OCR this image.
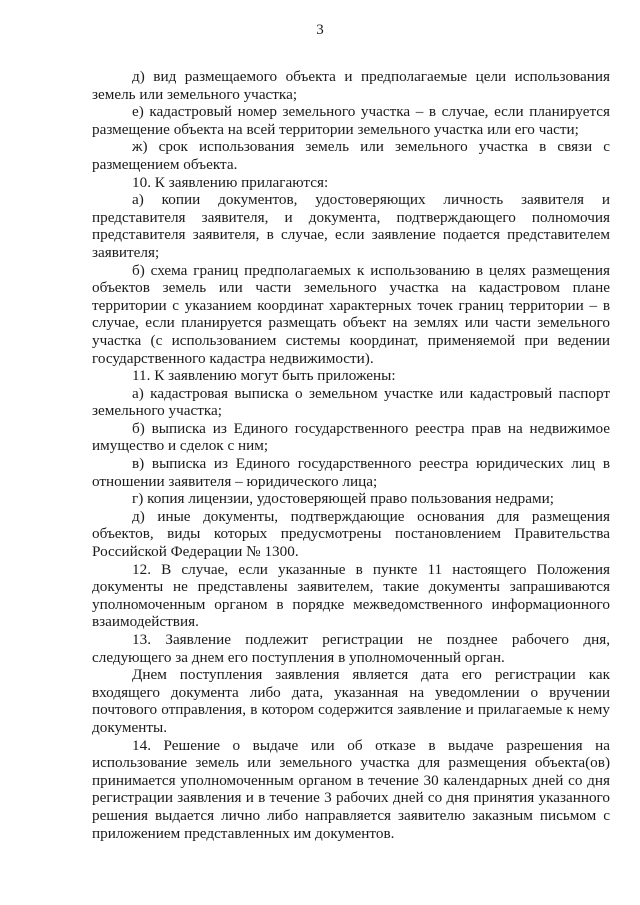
3

д) вид размещаемого объекта и предполагаемые цели использования земель или земельного участка;

е) кадастровый номер земельного участка – в случае, если планируется размещение объекта на всей территории земельного участка или его части;

ж) срок использования земель или земельного участка в связи с размещением объекта.

10. К заявлению прилагаются:

а) копии документов, удостоверяющих личность заявителя и представителя заявителя, и документа, подтверждающего полномочия представителя заявителя, в случае, если заявление подается представителем заявителя;

б) схема границ предполагаемых к использованию в целях размещения объектов земель или части земельного участка на кадастровом плане территории с указанием координат характерных точек границ территории – в случае, если планируется размещать объект на землях или части земельного участка (с использованием системы координат, применяемой при ведении государственного кадастра недвижимости).

11. К заявлению могут быть приложены:

а) кадастровая выписка о земельном участке или кадастровый паспорт земельного участка;

б) выписка из Единого государственного реестра прав на недвижимое имущество и сделок с ним;

в) выписка из Единого государственного реестра юридических лиц в отношении заявителя – юридического лица;

г) копия лицензии, удостоверяющей право пользования недрами;

д) иные документы, подтверждающие основания для размещения объектов, виды которых предусмотрены постановлением Правительства Российской Федерации № 1300.

12. В случае, если указанные в пункте 11 настоящего Положения документы не представлены заявителем, такие документы запрашиваются уполномоченным органом в порядке межведомственного информационного взаимодействия.

13. Заявление подлежит регистрации не позднее рабочего дня, следующего за днем его поступления в уполномоченный орган.

Днем поступления заявления является дата его регистрации как входящего документа либо дата, указанная на уведомлении о вручении почтового отправления, в котором содержится заявление и прилагаемые к нему документы.

14. Решение о выдаче или об отказе в выдаче разрешения на использование земель или земельного участка для размещения объекта(ов) принимается уполномоченным органом в течение 30 календарных дней со дня регистрации заявления и в течение 3 рабочих дней со дня принятия указанного решения выдается лично либо направляется заявителю заказным письмом с приложением представленных им документов.
